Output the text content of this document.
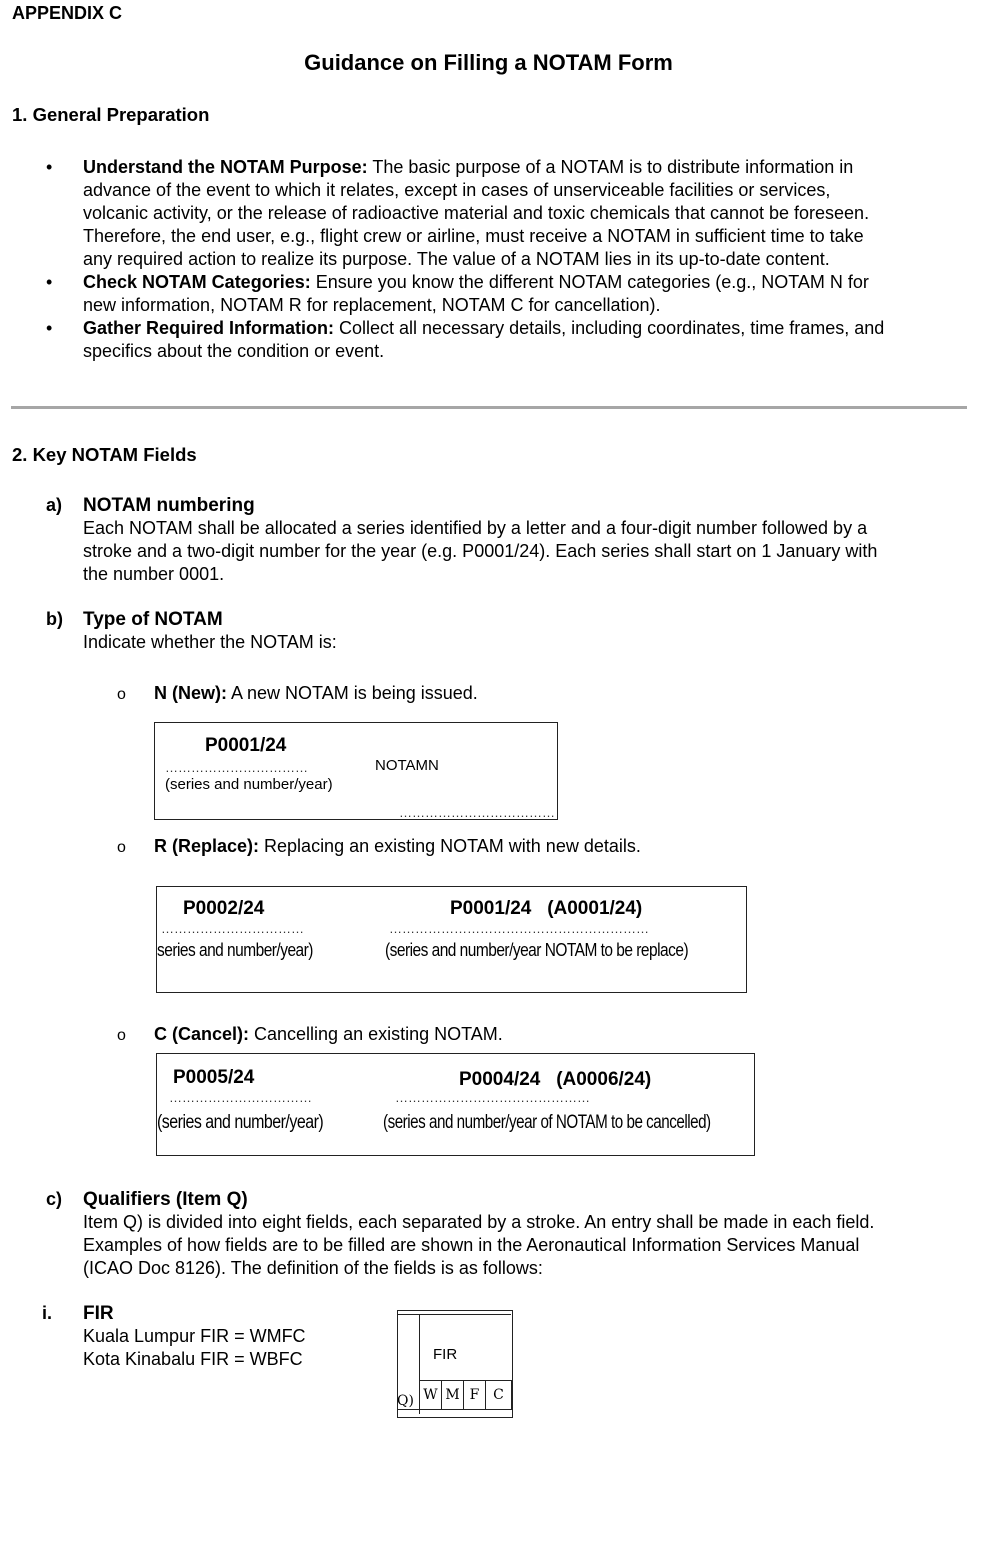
APPENDIX C
Guidance on Filling a NOTAM Form
1. General Preparation
• Understand the NOTAM Purpose: The basic purpose of a NOTAM is to distribute information in
advance of the event to which it relates, except in cases of unserviceable facilities or services,
volcanic activity, or the release of radioactive material and toxic chemicals that cannot be foreseen.
Therefore, the end user, e.g., flight crew or airline, must receive a NOTAM in sufficient time to take
any required action to realize its purpose. The value of a NOTAM lies in its up-to-date content.
• Check NOTAM Categories: Ensure you know the different NOTAM categories (e.g., NOTAM N for
new information, NOTAM R for replacement, NOTAM C for cancellation).
• Gather Required Information: Collect all necessary details, including coordinates, time frames, and
specifics about the condition or event.
2. Key NOTAM Fields
a) NOTAM numbering
Each NOTAM shall be allocated a series identified by a letter and a four-digit number followed by a
stroke and a two-digit number for the year (e.g. P0001/24). Each series shall start on 1 January with
the number 0001.
b) Type of NOTAM
Indicate whether the NOTAM is:
o N (New): A new NOTAM is being issued.
P0001/24
……………………………
(series and number/year)
NOTAMN
………………………………
o R (Replace): Replacing an existing NOTAM with new details.
P0002/24
……………………………
series and number/year)
P0001/24   (A0001/24)
……………………………………………………
(series and number/year NOTAM to be replace)
o C (Cancel): Cancelling an existing NOTAM.
P0005/24
……………………………
(series and number/year)
P0004/24   (A0006/24)
………………………………………
(series and number/year of NOTAM to be cancelled)
c) Qualifiers (Item Q)
Item Q) is divided into eight fields, each separated by a stroke. An entry shall be made in each field.
Examples of how fields are to be filled are shown in the Aeronautical Information Services Manual
(ICAO Doc 8126). The definition of the fields is as follows:
i. FIR
Kuala Lumpur FIR = WMFC
Kota Kinabalu FIR = WBFC	FIR
Q) W M F C
